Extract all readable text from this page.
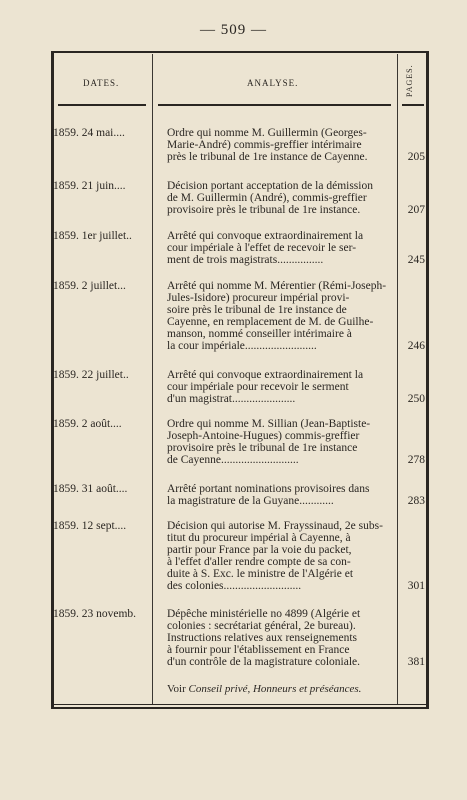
— 509 —
DATES.	ANALYSE.	PAGES.
1859. 24 mai....	Ordre qui nomme M. Guillermin (Georges-
Marie-André) commis-greffier intérimaire
près le tribunal de 1re instance de Cayenne.	205
1859. 21 juin....	Décision portant acceptation de la démission
de M. Guillermin (André), commis-greffier
provisoire près le tribunal de 1re instance.	207
1859. 1er juillet..	Arrêté qui convoque extraordinairement la
cour impériale à l'effet de recevoir le ser-
ment de trois magistrats................	245
1859. 2 juillet...	Arrêté qui nomme M. Mérentier (Rémi-Joseph-
Jules-Isidore) procureur impérial provi-
soire près le tribunal de 1re instance de
Cayenne, en remplacement de M. de Guilhe-
manson, nommé conseiller intérimaire à
la cour impériale.........................	246
1859. 22 juillet..	Arrêté qui convoque extraordinairement la
cour impériale pour recevoir le serment
d'un magistrat......................	250
1859. 2 août....	Ordre qui nomme M. Sillian (Jean-Baptiste-
Joseph-Antoine-Hugues) commis-greffier
provisoire près le tribunal de 1re instance
de Cayenne...........................	278
1859. 31 août....	Arrêté portant nominations provisoires dans
la magistrature de la Guyane............	283
1859. 12 sept....	Décision qui autorise M. Frayssinaud, 2e subs-
titut du procureur impérial à Cayenne, à
partir pour France par la voie du packet,
à l'effet d'aller rendre compte de sa con-
duite à S. Exc. le ministre de l'Algérie et
des colonies...........................	301
1859. 23 novemb.	Dépêche ministérielle no 4899 (Algérie et
colonies : secrétariat général, 2e bureau).
Instructions relatives aux renseignements
à fournir pour l'établissement en France
d'un contrôle de la magistrature coloniale.	381
Voir Conseil privé, Honneurs et préséances.
